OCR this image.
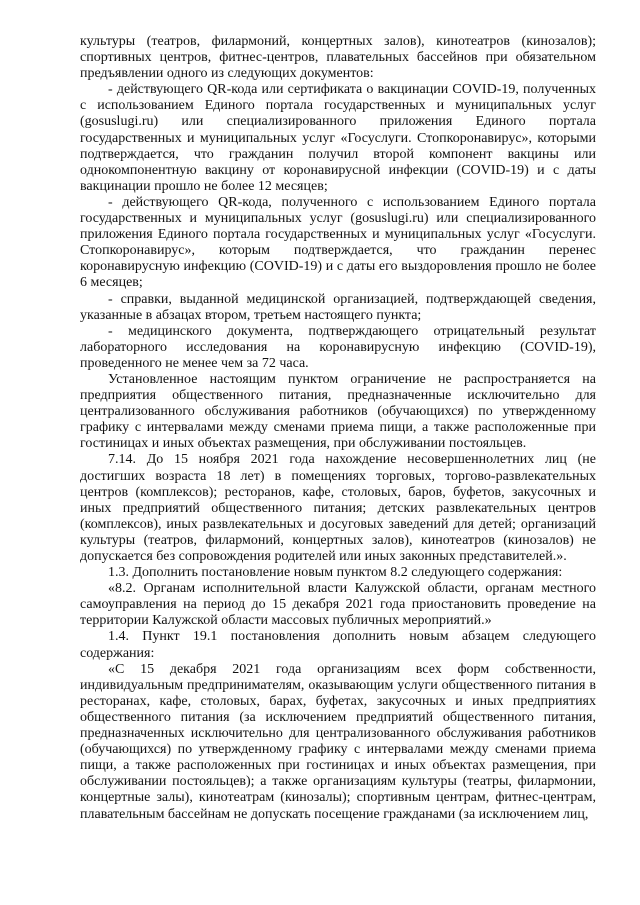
культуры (театров, филармоний, концертных залов), кинотеатров (кинозалов); спортивных центров, фитнес-центров, плавательных бассейнов при обязательном предъявлении одного из следующих документов:

- действующего QR-кода или сертификата о вакцинации COVID-19, полученных с использованием Единого портала государственных и муниципальных услуг (gosuslugi.ru) или специализированного приложения Единого портала государственных и муниципальных услуг «Госуслуги. Стопкоронавирус», которыми подтверждается, что гражданин получил второй компонент вакцины или однокомпонентную вакцину от коронавирусной инфекции (COVID-19) и с даты вакцинации прошло не более 12 месяцев;

- действующего QR-кода, полученного с использованием Единого портала государственных и муниципальных услуг (gosuslugi.ru) или специализированного приложения Единого портала государственных и муниципальных услуг «Госуслуги. Стопкоронавирус», которым подтверждается, что гражданин перенес коронавирусную инфекцию (COVID-19) и с даты его выздоровления прошло не более 6 месяцев;

- справки, выданной медицинской организацией, подтверждающей сведения, указанные в абзацах втором, третьем настоящего пункта;

- медицинского документа, подтверждающего отрицательный результат лабораторного исследования на коронавирусную инфекцию (COVID-19), проведенного не менее чем за 72 часа.

Установленное настоящим пунктом ограничение не распространяется на предприятия общественного питания, предназначенные исключительно для централизованного обслуживания работников (обучающихся) по утвержденному графику с интервалами между сменами приема пищи, а также расположенные при гостиницах и иных объектах размещения, при обслуживании постояльцев.

7.14. До 15 ноября 2021 года нахождение несовершеннолетних лиц (не достигших возраста 18 лет) в помещениях торговых, торгово-развлекательных центров (комплексов); ресторанов, кафе, столовых, баров, буфетов, закусочных и иных предприятий общественного питания; детских развлекательных центров (комплексов), иных развлекательных и досуговых заведений для детей; организаций культуры (театров, филармоний, концертных залов), кинотеатров (кинозалов) не допускается без сопровождения родителей или иных законных представителей.».

1.3. Дополнить постановление новым пунктом 8.2 следующего содержания:

«8.2. Органам исполнительной власти Калужской области, органам местного самоуправления на период до 15 декабря 2021 года приостановить проведение на территории Калужской области массовых публичных мероприятий.»

1.4. Пункт 19.1 постановления дополнить новым абзацем следующего содержания:

«С 15 декабря 2021 года организациям всех форм собственности, индивидуальным предпринимателям, оказывающим услуги общественного питания в ресторанах, кафе, столовых, барах, буфетах, закусочных и иных предприятиях общественного питания (за исключением предприятий общественного питания, предназначенных исключительно для централизованного обслуживания работников (обучающихся) по утвержденному графику с интервалами между сменами приема пищи, а также расположенных при гостиницах и иных объектах размещения, при обслуживании постояльцев); а также организациям культуры (театры, филармонии, концертные залы), кинотеатрам (кинозалы); спортивным центрам, фитнес-центрам, плавательным бассейнам не допускать посещение гражданами (за исключением лиц,
